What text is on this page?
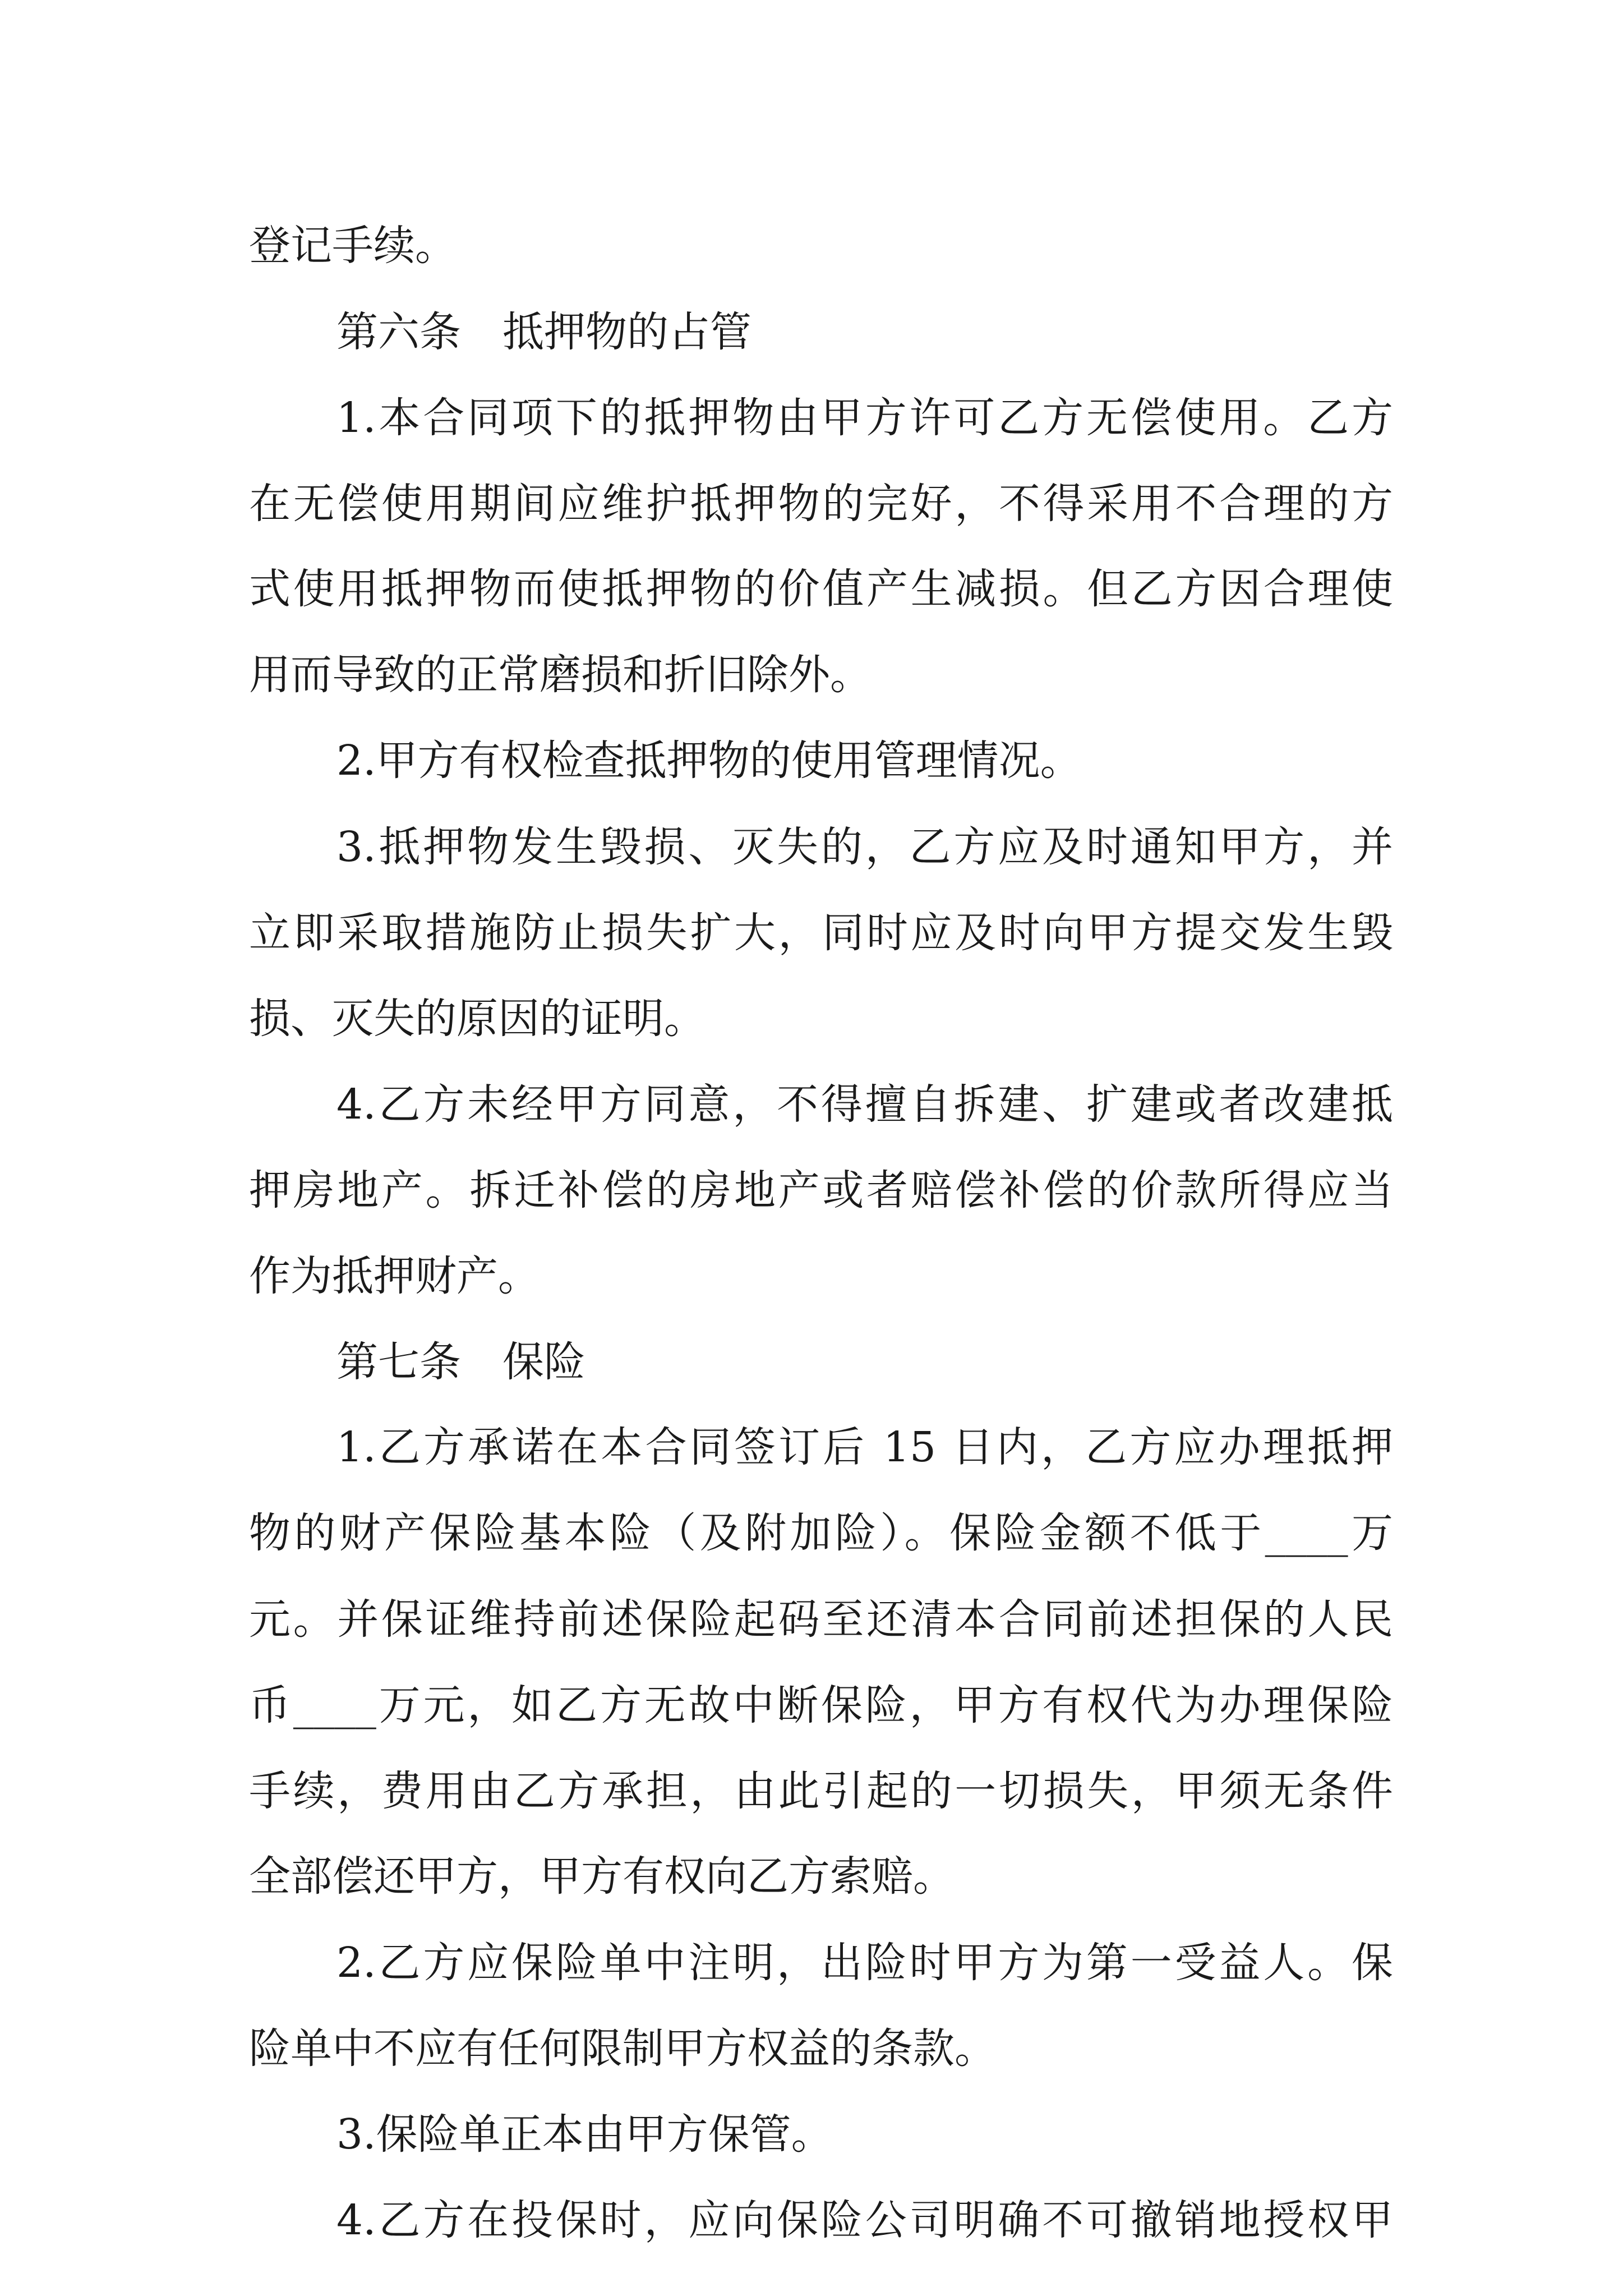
登记手续。

第六条　抵押物的占管

1.本合同项下的抵押物由甲方许可乙方无偿使用。乙方

在无偿使用期间应维护抵押物的完好，不得采用不合理的方

式使用抵押物而使抵押物的价值产生减损。但乙方因合理使

用而导致的正常磨损和折旧除外。

2.甲方有权检查抵押物的使用管理情况。

3.抵押物发生毁损、灭失的，乙方应及时通知甲方，并

立即采取措施防止损失扩大，同时应及时向甲方提交发生毁

损、灭失的原因的证明。

4.乙方未经甲方同意，不得擅自拆建、扩建或者改建抵

押房地产。拆迁补偿的房地产或者赔偿补偿的价款所得应当

作为抵押财产。

第七条　保险

1.乙方承诺在本合同签订后 15 日内，乙方应办理抵押

物的财产保险基本险（及附加险）。保险金额不低于____万

元。并保证维持前述保险起码至还清本合同前述担保的人民

币____万元，如乙方无故中断保险，甲方有权代为办理保险

手续，费用由乙方承担，由此引起的一切损失，甲须无条件

全部偿还甲方，甲方有权向乙方索赔。

2.乙方应保险单中注明，出险时甲方为第一受益人。保

险单中不应有任何限制甲方权益的条款。

3.保险单正本由甲方保管。

4.乙方在投保时，应向保险公司明确不可撤销地授权甲
